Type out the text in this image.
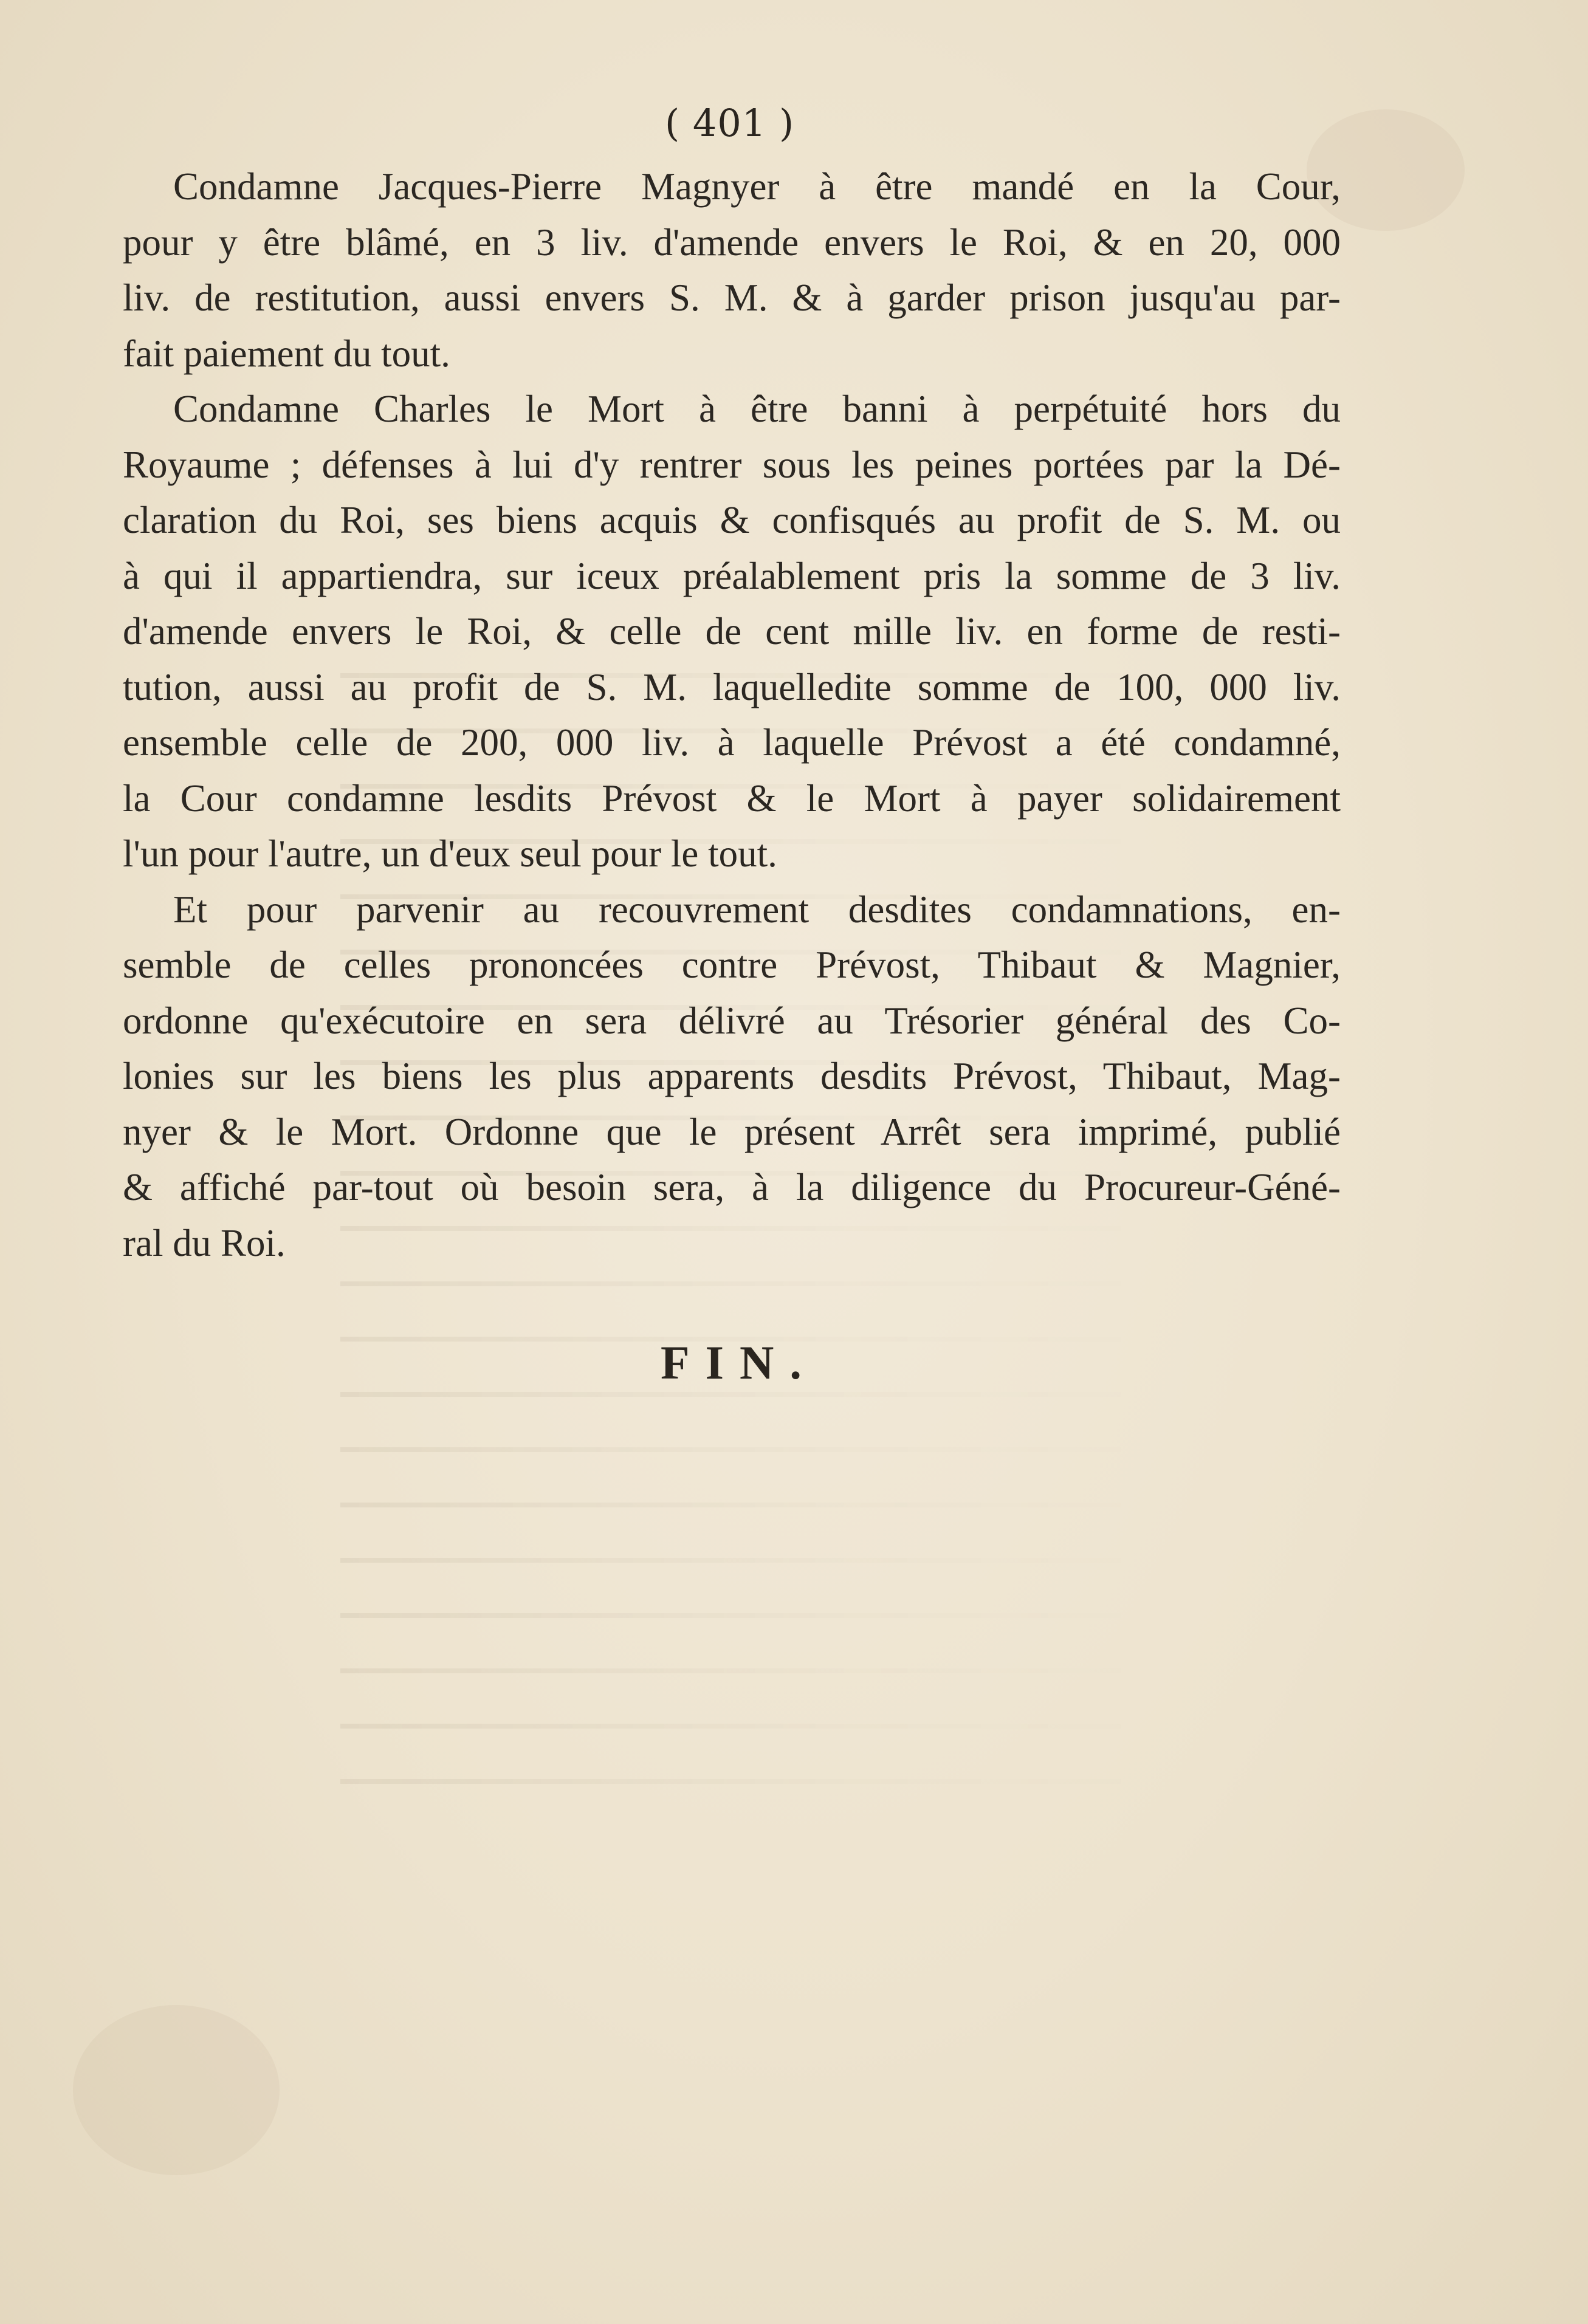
( 401 )
Condamne Jacques-Pierre Magnyer à être mandé en la Cour,
pour y être blâmé, en 3 liv. d'amende envers le Roi, & en 20, 000
liv. de restitution, aussi envers S. M. & à garder prison jusqu'au par-
fait paiement du tout.
Condamne Charles le Mort à être banni à perpétuité hors du
Royaume ; défenses à lui d'y rentrer sous les peines portées par la Dé-
claration du Roi, ses biens acquis & confisqués au profit de S. M. ou
à qui il appartiendra, sur iceux préalablement pris la somme de 3 liv.
d'amende envers le Roi, & celle de cent mille liv. en forme de resti-
tution, aussi au profit de S. M. laquelledite somme de 100, 000 liv.
ensemble celle de 200, 000 liv. à laquelle Prévost a été condamné,
la Cour condamne lesdits Prévost & le Mort à payer solidairement
l'un pour l'autre, un d'eux seul pour le tout.
Et pour parvenir au recouvrement desdites condamnations, en-
semble de celles prononcées contre Prévost, Thibaut & Magnier,
ordonne qu'exécutoire en sera délivré au Trésorier général des Co-
lonies sur les biens les plus apparents desdits Prévost, Thibaut, Mag-
nyer & le Mort. Ordonne que le présent Arrêt sera imprimé, publié
& affiché par-tout où besoin sera, à la diligence du Procureur-Géné-
ral du Roi.
FIN.
